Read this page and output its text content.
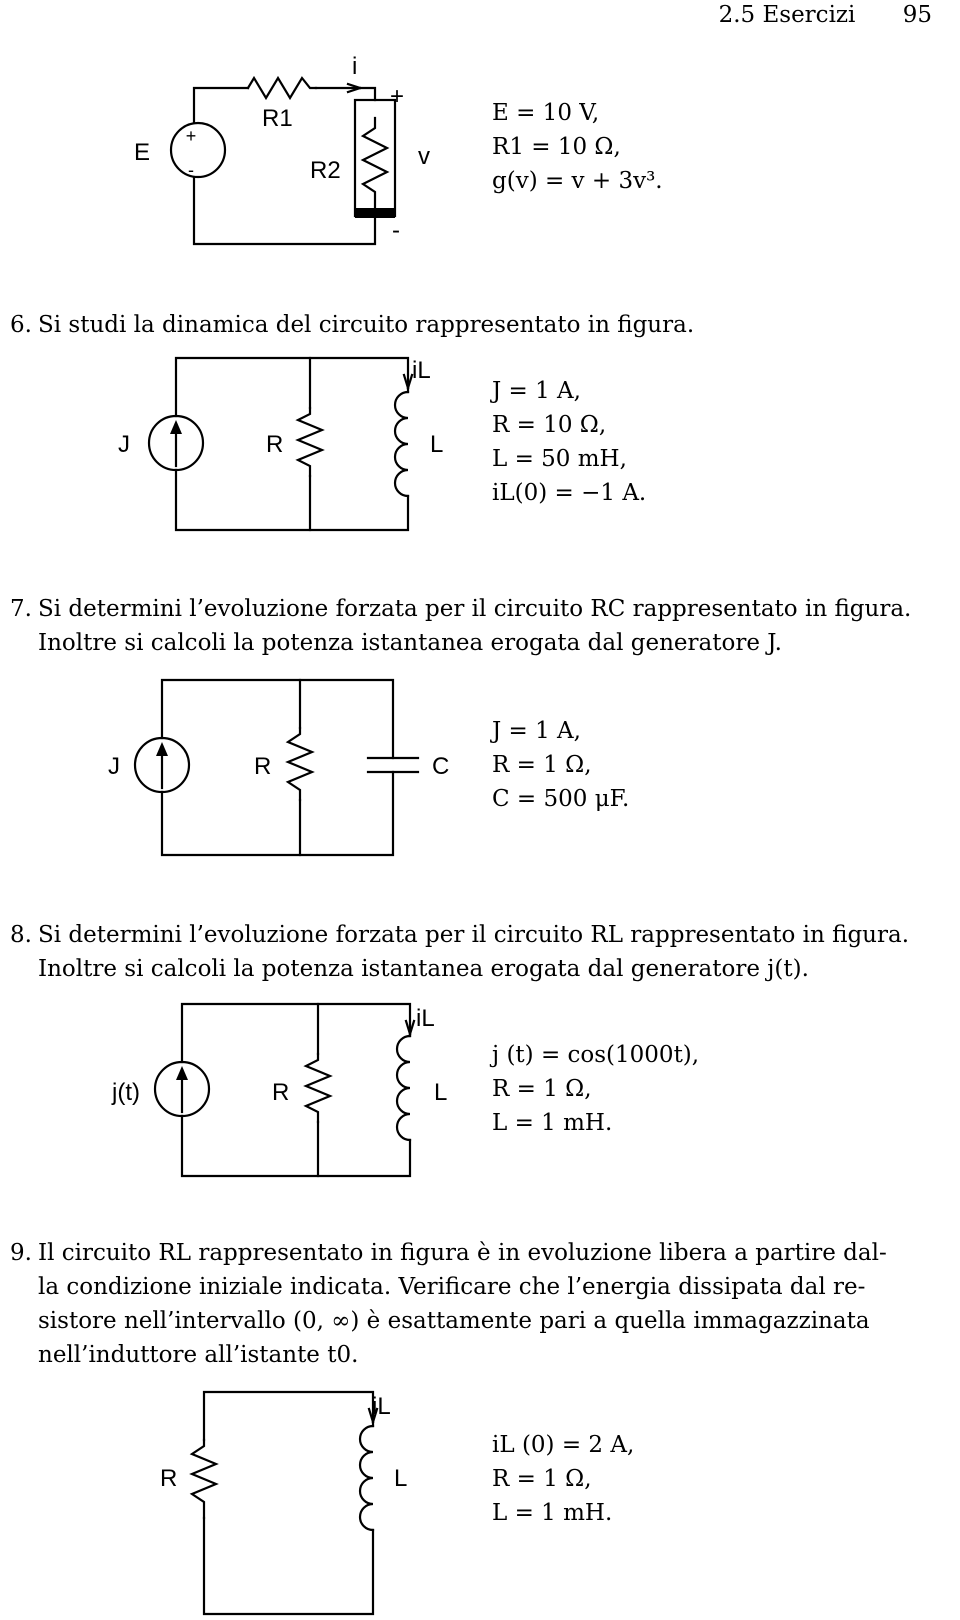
2.5 Esercizi 95
+
-
E
R1
R2
i
+
v
-
E = 10 V,
R1 = 10 Ω,
g(v) = v + 3v³.

6. Si studi la dinamica del circuito rappresentato in figura.

J	R
iL
L
J = 1 A,
R = 10 Ω,
L = 50 mH,
iL(0) = −1 A.

7. Si determini l’evoluzione forzata per il circuito RC rappresentato in figura.

Inoltre si calcoli la potenza istantanea erogata dal generatore J.

J	R	C
J = 1 A,
R = 1 Ω,
C = 500 μF.

8. Si determini l’evoluzione forzata per il circuito RL rappresentato in figura.

Inoltre si calcoli la potenza istantanea erogata dal generatore j(t).

j(t)	R
iL
L
j (t) = cos(1000t),
R = 1 Ω,
L = 1 mH.

9. Il circuito RL rappresentato in figura è in evoluzione libera a partire dal-

la condizione iniziale indicata. Verificare che l’energia dissipata dal re-

sistore nell’intervallo (0, ∞) è esattamente pari a quella immagazzinata

nell’induttore all’istante t0.

R
iL
L
iL (0) = 2 A,
R = 1 Ω,
L = 1 mH.
